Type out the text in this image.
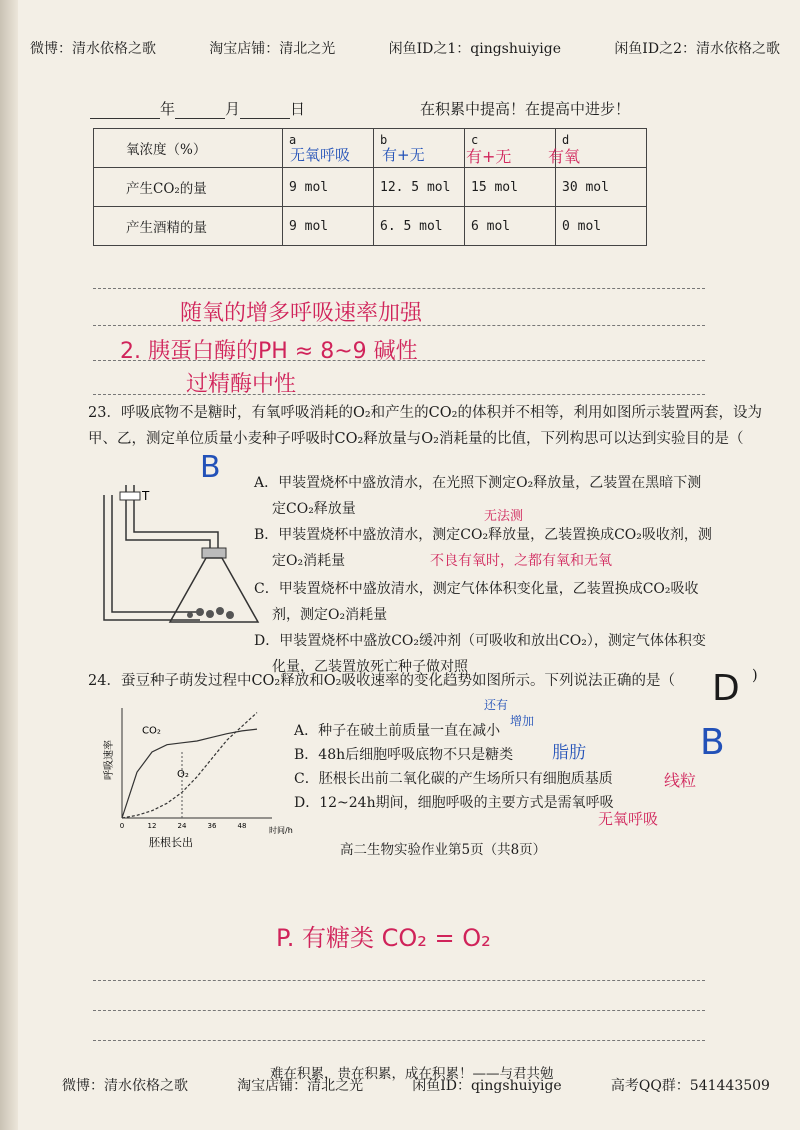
微博：清水依格之歌	淘宝店铺：清北之光	闲鱼ID之1：qingshuiyige	闲鱼ID之2：清水依格之歌
年	月	日	在积累中提高！在提高中进步！
氧浓度（%）	a	b	c	d
产生CO₂的量	9 mol	12. 5 mol	15 mol	30 mol
产生酒精的量	9 mol	6. 5 mol	6 mol	0 mol
无氧呼吸 有+无	有+无 有氧
随氧的增多呼吸速率加强
2. 胰蛋白酶的PH ≈ 8~9 碱性
过精酶中性
23．呼吸底物不是糖时，有氧呼吸消耗的O₂和产生的CO₂的体积并不相等，利用如图所示装置两套，设为甲、乙，测定单位质量小麦种子呼吸时CO₂释放量与O₂消耗量的比值，下列构思可以达到实验目的是（
B
T
A．甲装置烧杯中盛放清水，在光照下测定O₂释放量，乙装置在黑暗下测
定CO₂释放量
B．甲装置烧杯中盛放清水，测定CO₂释放量，乙装置换成CO₂吸收剂，测
定O₂消耗量
C．甲装置烧杯中盛放清水，测定气体体积变化量，乙装置换成CO₂吸收
剂，测定O₂消耗量
D．甲装置烧杯中盛放CO₂缓冲剂（可吸收和放出CO₂），测定气体体积变
化量，乙装置放死亡种子做对照
无法测
不良有氧时，之都有氧和无氧
24．蚕豆种子萌发过程中CO₂释放和O₂吸收速率的变化趋势如图所示。下列说法正确的是（	)
D
B
0	12	24	36	48
CO₂
O₂
呼吸速率
时间/h
胚根长出
A．种子在破土前质量一直在减小
B．48h后细胞呼吸底物不只是糖类
C．胚根长出前二氧化碳的产生场所只有细胞质基质
D．12~24h期间，细胞呼吸的主要方式是需氧呼吸
脂肪
还有
线粒
无氧呼吸
增加
高二生物实验作业第5页（共8页）
P. 有糖类 CO₂ = O₂
难在积累，贵在积累，成在积累！——与君共勉
微博：清水依格之歌	淘宝店铺：清北之光	闲鱼ID：qingshuiyige	高考QQ群：541443509
